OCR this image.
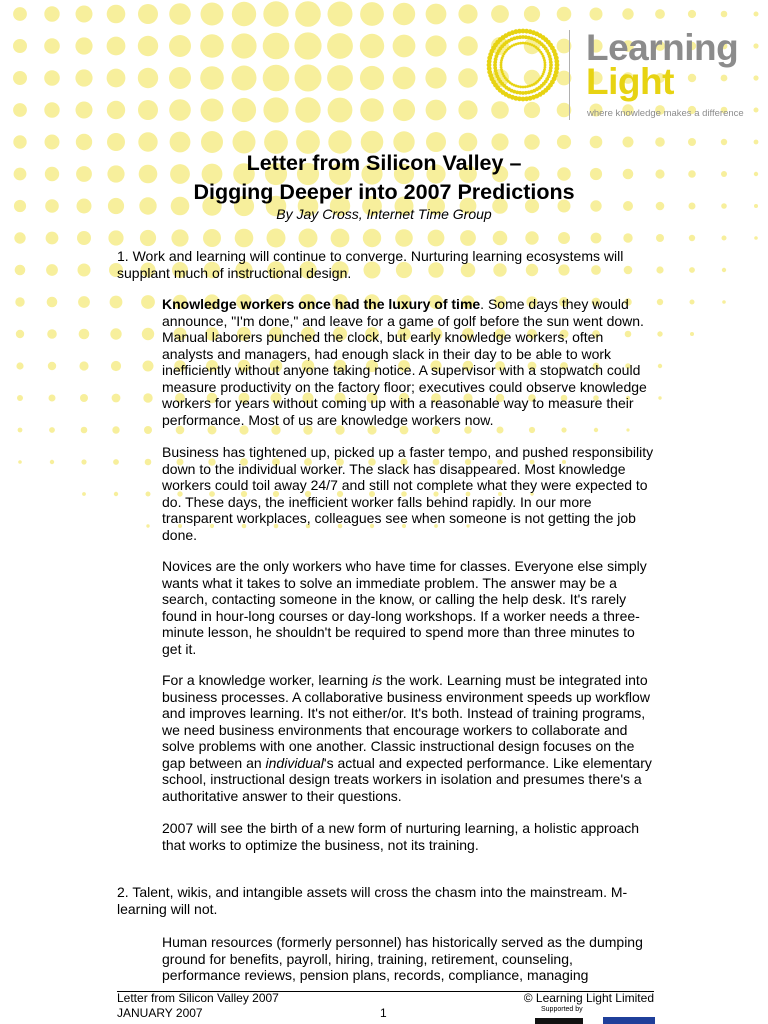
Learning
Light
where knowledge makes a difference
Letter from Silicon Valley –
Digging Deeper into 2007 Predictions
By Jay Cross, Internet Time Group

1. Work and learning will continue to converge. Nurturing learning ecosystems will supplant much of instructional design.

Knowledge workers once had the luxury of time. Some days they would announce, "I'm done," and leave for a game of golf before the sun went down. Manual laborers punched the clock, but early knowledge workers, often analysts and managers, had enough slack in their day to be able to work inefficiently without anyone taking notice. A supervisor with a stopwatch could measure productivity on the factory floor; executives could observe knowledge workers for years without coming up with a reasonable way to measure their performance. Most of us are knowledge workers now.

Business has tightened up, picked up a faster tempo, and pushed responsibility down to the individual worker. The slack has disappeared. Most knowledge workers could toil away 24/7 and still not complete what they were expected to do. These days, the inefficient worker falls behind rapidly. In our more transparent workplaces, colleagues see when someone is not getting the job done.

Novices are the only workers who have time for classes. Everyone else simply wants what it takes to solve an immediate problem. The answer may be a search, contacting someone in the know, or calling the help desk. It's rarely found in hour-long courses or day-long workshops. If a worker needs a three-minute lesson, he shouldn't be required to spend more than three minutes to get it.

For a knowledge worker, learning is the work. Learning must be integrated into business processes. A collaborative business environment speeds up workflow and improves learning. It's not either/or. It's both. Instead of training programs, we need business environments that encourage workers to collaborate and solve problems with one another. Classic instructional design focuses on the gap between an individual's actual and expected performance. Like elementary school, instructional design treats workers in isolation and presumes there's a authoritative answer to their questions.

2007 will see the birth of a new form of nurturing learning, a holistic approach that works to optimize the business, not its training.

2. Talent, wikis, and intangible assets will cross the chasm into the mainstream. M-learning will not.

Human resources (formerly personnel) has historically served as the dumping ground for benefits, payroll, hiring, training, retirement, counseling, performance reviews, pension plans, records, compliance, managing

Letter from Silicon Valley 2007
JANUARY 2007
© Learning Light Limited
1	Supported by
